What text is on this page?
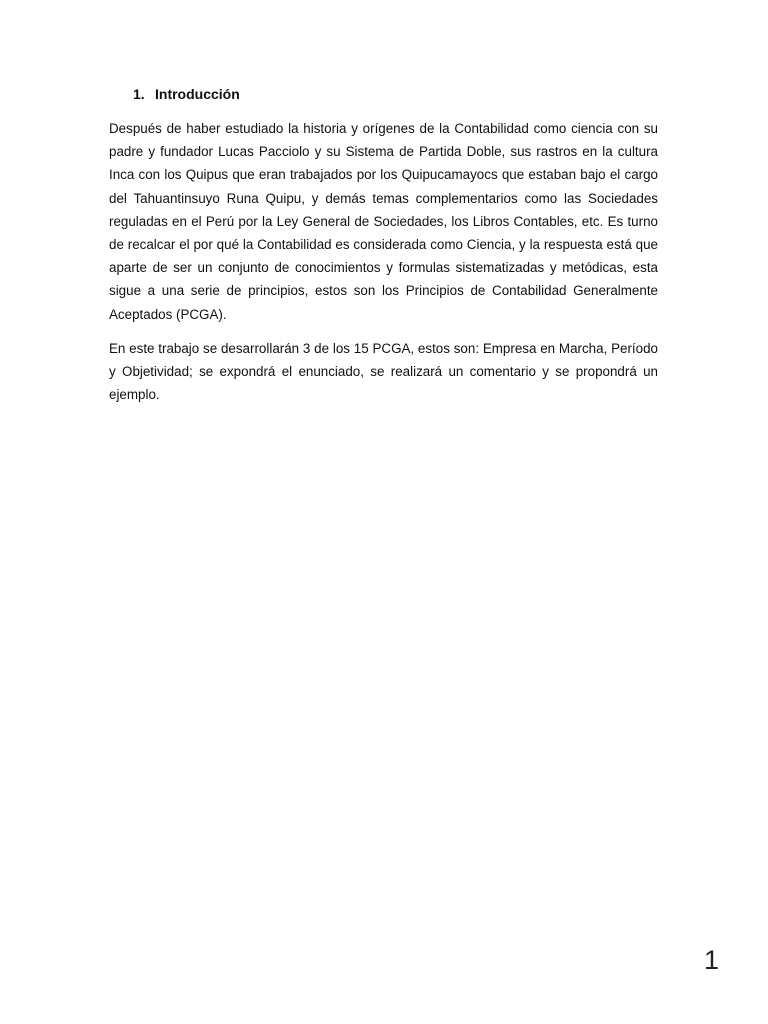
1. Introducción

Después de haber estudiado la historia y orígenes de la Contabilidad como ciencia con su padre y fundador Lucas Pacciolo y su Sistema de Partida Doble, sus rastros en la cultura Inca con los Quipus que eran trabajados por los Quipucamayocs que estaban bajo el cargo del Tahuantinsuyo Runa Quipu, y demás temas complementarios como las Sociedades reguladas en el Perú por la Ley General de Sociedades, los Libros Contables, etc. Es turno de recalcar el por qué la Contabilidad es considerada como Ciencia, y la respuesta está que aparte de ser un conjunto de conocimientos y formulas sistematizadas y metódicas, esta sigue a una serie de principios, estos son los Principios de Contabilidad Generalmente Aceptados (PCGA).

En este trabajo se desarrollarán 3 de los 15 PCGA, estos son: Empresa en Marcha, Período y Objetividad; se expondrá el enunciado, se realizará un comentario y se propondrá un ejemplo.

1
